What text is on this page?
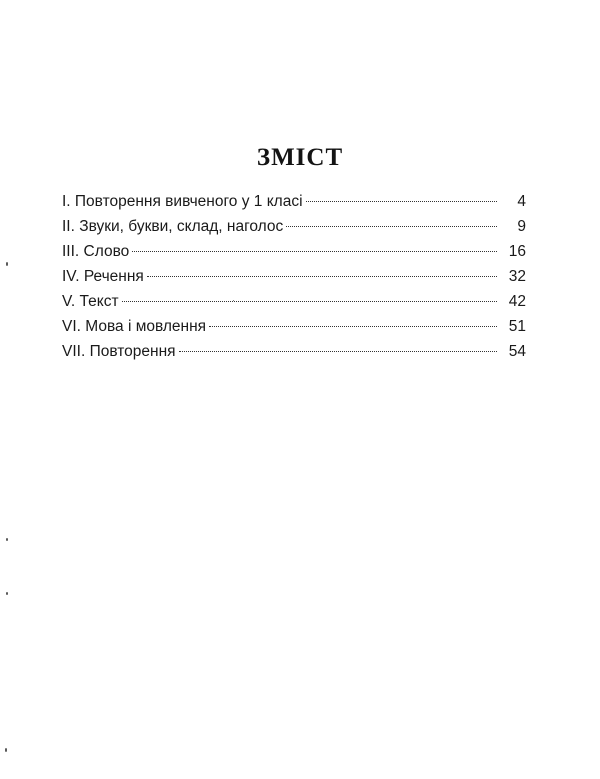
ЗМІСТ
I. Повторення вивченого у 1 класі	4
II. Звуки, букви, склад, наголос	9
III. Слово	16
IV. Речення	32
V. Текст	42
VI. Мова і мовлення	51
VII. Повторення	54
